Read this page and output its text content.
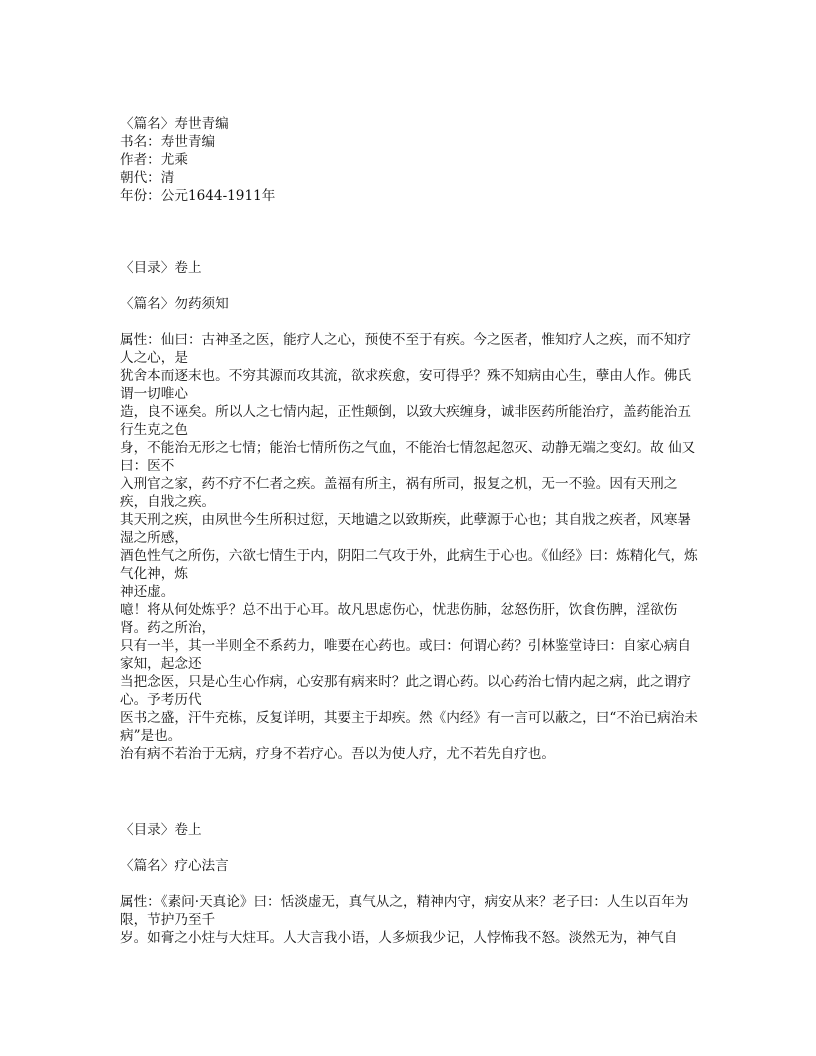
〈篇名〉寿世青编
书名：寿世青编
作者：尤乘
朝代：清
年份：公元1644-1911年
〈目录〉卷上
〈篇名〉勿药须知
属性：仙曰：古神圣之医，能疗人之心，预使不至于有疾。今之医者，惟知疗人之疾，而不知疗人之心，是
犹舍本而逐末也。不穷其源而攻其流，欲求疾愈，安可得乎？殊不知病由心生，孽由人作。佛氏谓一切唯心
造，良不诬矣。所以人之七情内起，正性颠倒，以致大疾缠身，诚非医药所能治疗，盖药能治五行生克之色
身，不能治无形之七情；能治七情所伤之气血，不能治七情忽起忽灭、动静无端之变幻。故 仙又曰：医不
入刑官之家，药不疗不仁者之疾。盖福有所主，祸有所司，报复之机，无一不验。因有天刑之疾，自戕之疾。
其天刑之疾，由夙世今生所积过愆，天地谴之以致斯疾，此孽源于心也；其自戕之疾者，风寒暑湿之所感，
酒色性气之所伤，六欲七情生于内，阴阳二气攻于外，此病生于心也。《仙经》曰：炼精化气，炼气化神，炼
神还虚。
噫！将从何处炼乎？总不出于心耳。故凡思虑伤心，忧悲伤肺，忿怒伤肝，饮食伤脾，淫欲伤肾。药之所治，
只有一半，其一半则全不系药力，唯要在心药也。或曰：何谓心药？引林鉴堂诗曰：自家心病自家知，起念还
当把念医，只是心生心作病，心安那有病来时？此之谓心药。以心药治七情内起之病，此之谓疗心。予考历代
医书之盛，汗牛充栋，反复详明，其要主于却疾。然《内经》有一言可以蔽之，曰“不治已病治未病”是也。
治有病不若治于无病，疗身不若疗心。吾以为使人疗，尤不若先自疗也。
〈目录〉卷上
〈篇名〉疗心法言
属性：《素问·天真论》曰：恬淡虚无，真气从之，精神内守，病安从来？老子曰：人生以百年为限，节护乃至千
岁。如膏之小炷与大炷耳。人大言我小语，人多烦我少记，人悖怖我不怒。淡然无为，神气自
